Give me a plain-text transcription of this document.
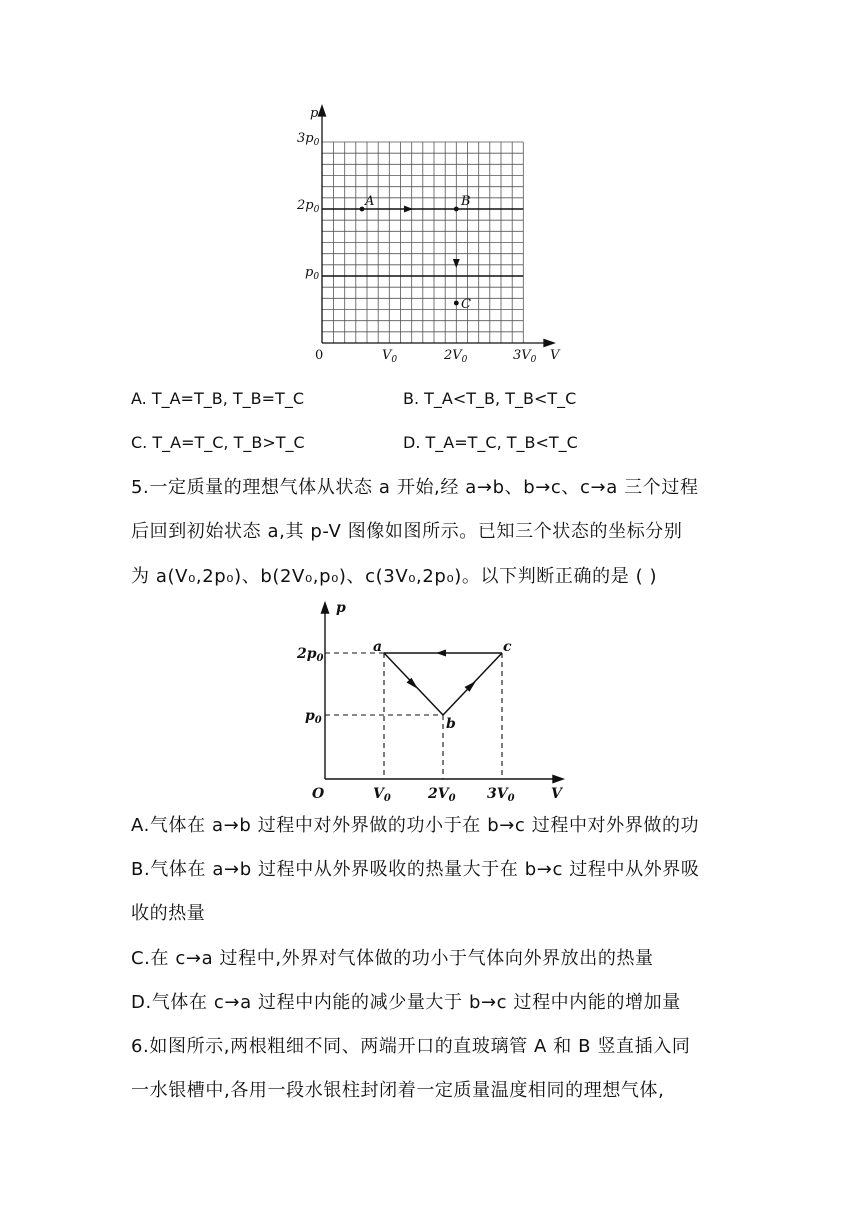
A	B
C
p
V
0
$3p_0$
$2p_0$
$p_0$
$V_0$	$2V_0$	$3V_0$
A. T_A=T_B, T_B=T_C	B. T_A<T_B, T_B<T_C
C. T_A=T_C, T_B>T_C	D. T_A=T_C, T_B<T_C
5.一定质量的理想气体从状态 a 开始,经 a→b、b→c、c→a 三个过程
后回到初始状态 a,其 p-V 图像如图所示。已知三个状态的坐标分别
为 a(V₀,2p₀)、b(2V₀,p₀)、c(3V₀,2p₀)。以下判断正确的是 ( )
a
b
c
p
V
O
$2p_0$
$p_0$
$V_0$	$2V_0$ $3V_0$
A.气体在 a→b 过程中对外界做的功小于在 b→c 过程中对外界做的功
B.气体在 a→b 过程中从外界吸收的热量大于在 b→c 过程中从外界吸
收的热量
C.在 c→a 过程中,外界对气体做的功小于气体向外界放出的热量
D.气体在 c→a 过程中内能的减少量大于 b→c 过程中内能的增加量
6.如图所示,两根粗细不同、两端开口的直玻璃管 A 和 B 竖直插入同
一水银槽中,各用一段水银柱封闭着一定质量温度相同的理想气体,
